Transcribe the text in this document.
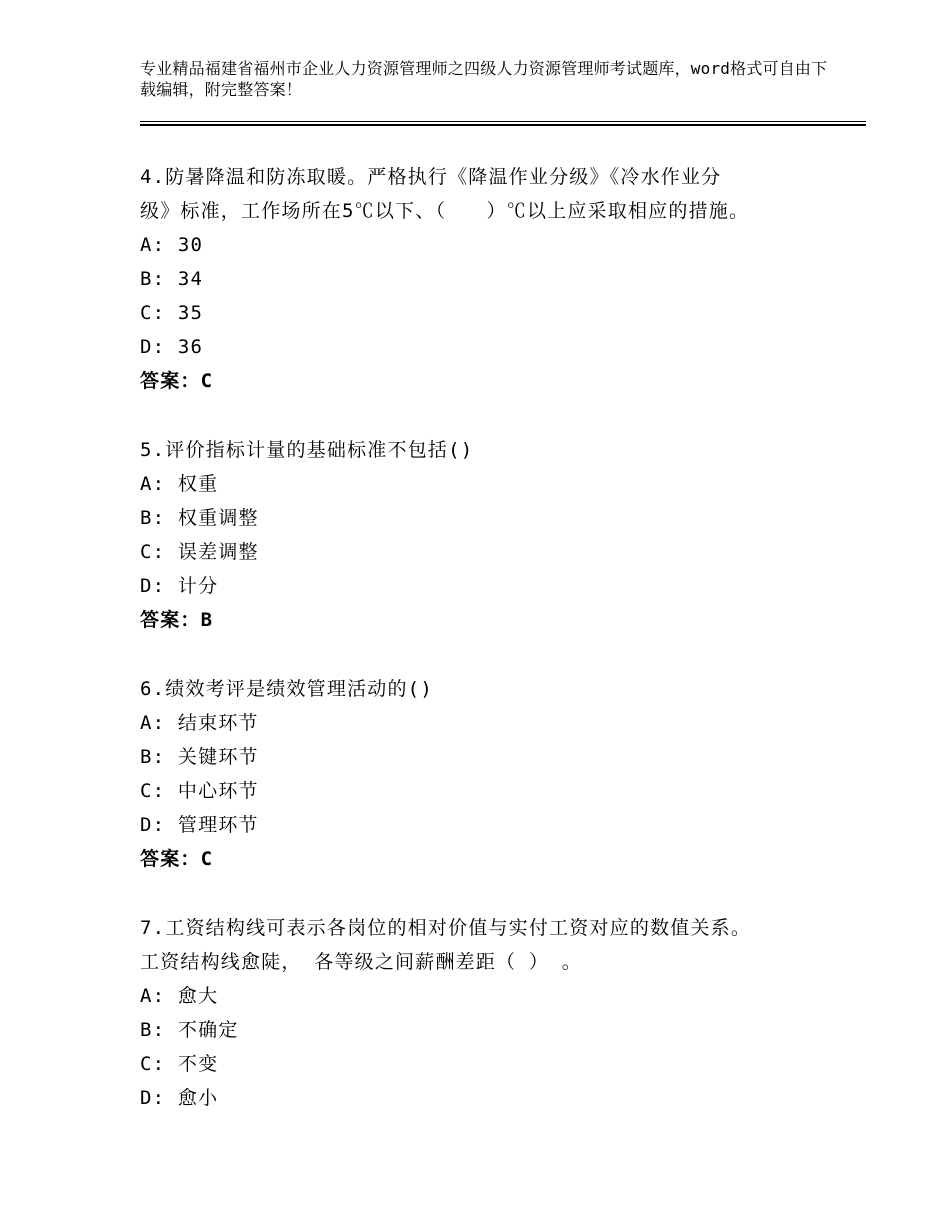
专业精品福建省福州市企业人力资源管理师之四级人力资源管理师考试题库，word格式可自由下载编辑，附完整答案！
4.防暑降温和防冻取暖。严格执行《降温作业分级》《冷水作业分
级》标准，工作场所在5℃以下、（　　）℃以上应采取相应的措施。
A: 30
B: 34
C: 35
D: 36
答案：C
5.评价指标计量的基础标准不包括()
A: 权重
B: 权重调整
C: 误差调整
D: 计分
答案：B
6.绩效考评是绩效管理活动的()
A: 结束环节
B: 关键环节
C: 中心环节
D: 管理环节
答案：C
7.工资结构线可表示各岗位的相对价值与实付工资对应的数值关系。
工资结构线愈陡， 各等级之间薪酬差距（ ） 。
A: 愈大
B: 不确定
C: 不变
D: 愈小
